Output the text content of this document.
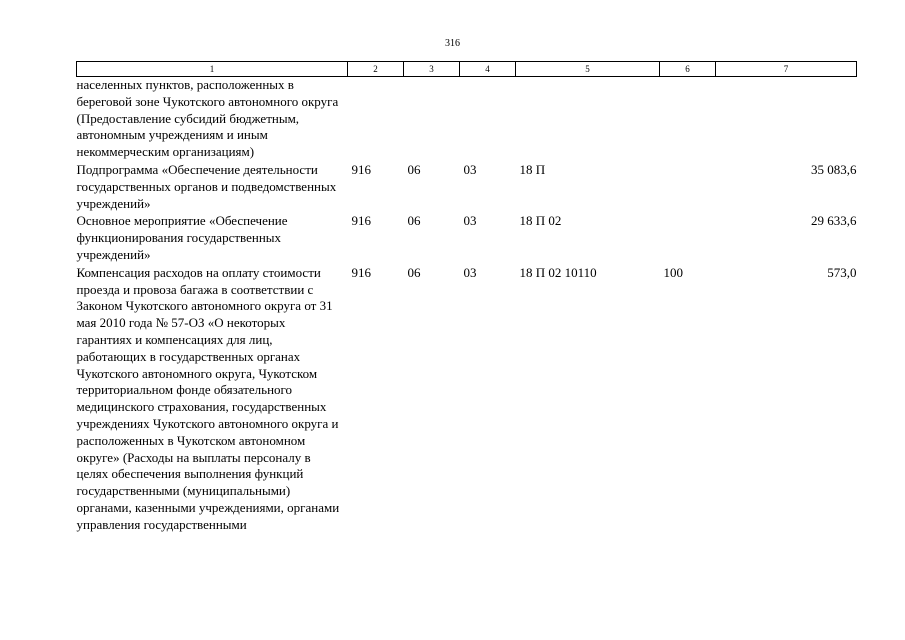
316
1	2	3	4	5	6	7
населенных пунктов, расположенных в береговой зоне Чукотского автономного округа (Предоставление субсидий бюджетным, автономным учреждениям и иным некоммерческим организациям)						
Подпрограмма «Обеспечение деятельности государственных органов и подведомственных учреждений»	916	06	03	18 П		35 083,6
Основное мероприятие «Обеспечение функционирования государственных учреждений»	916	06	03	18 П 02		29 633,6
Компенсация расходов на оплату стоимости проезда и провоза багажа в соответствии с Законом Чукотского автономного округа от 31 мая 2010 года № 57-ОЗ «О некоторых гарантиях и компенсациях для лиц, работающих в государственных органах Чукотского автономного округа, Чукотском территориальном фонде обязательного медицинского страхования, государственных учреждениях Чукотского автономного округа и расположенных в Чукотском автономном округе» (Расходы на выплаты персоналу в целях обеспечения выполнения функций государственными (муниципальными) органами, казенными учреждениями, органами управления государственными	916	06	03	18 П 02 10110	100	573,0
